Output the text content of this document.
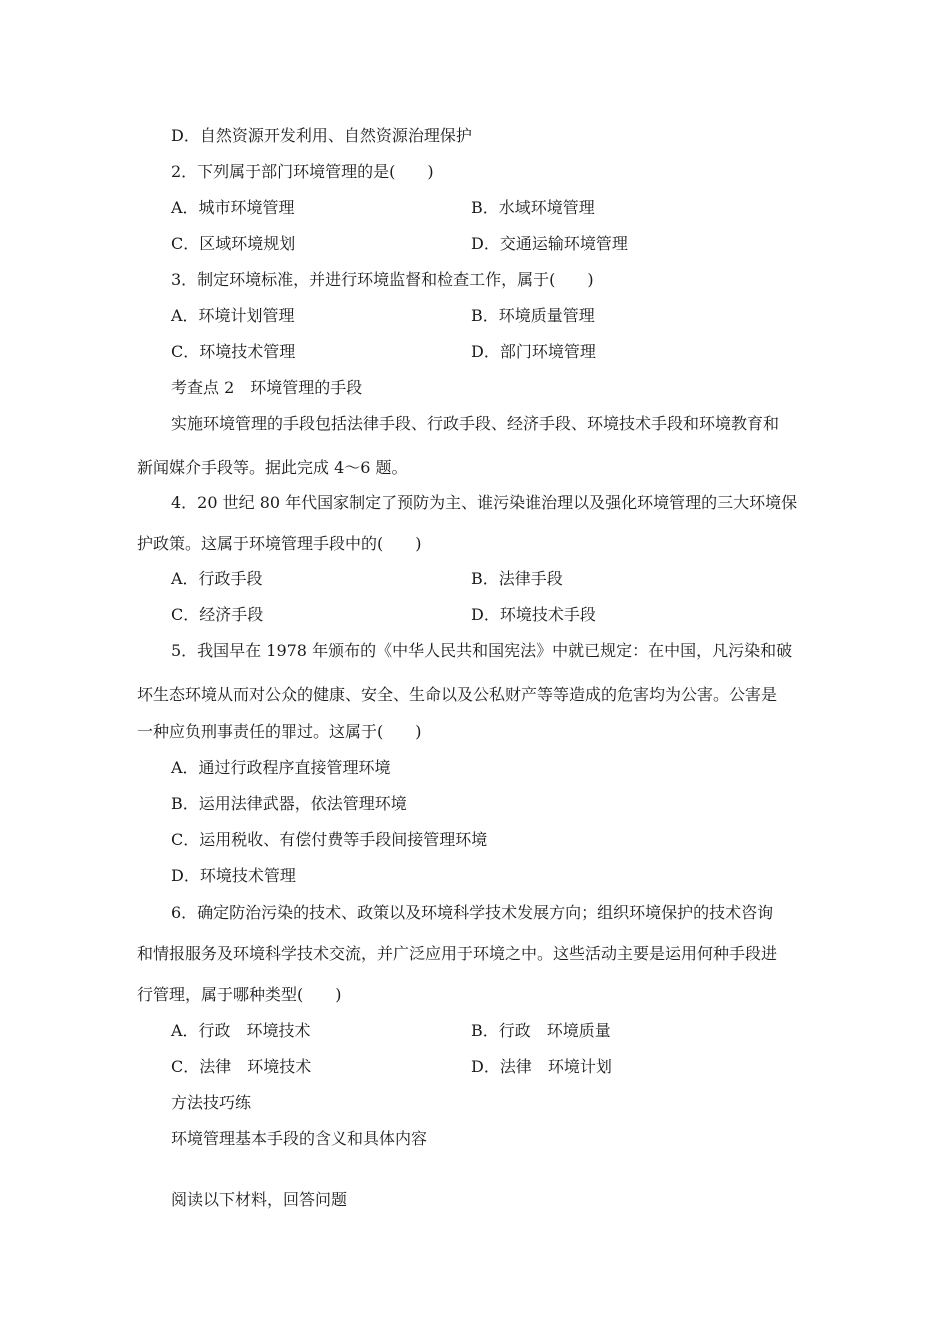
D．自然资源开发利用、自然资源治理保护
2．下列属于部门环境管理的是(　　)
A．城市环境管理	B．水域环境管理
C．区域环境规划	D．交通运输环境管理
3．制定环境标准，并进行环境监督和检查工作，属于(　　)
A．环境计划管理	B．环境质量管理
C．环境技术管理	D．部门环境管理
考查点 2　环境管理的手段
实施环境管理的手段包括法律手段、行政手段、经济手段、环境技术手段和环境教育和
新闻媒介手段等。据此完成 4～6 题。
4．20 世纪 80 年代国家制定了预防为主、谁污染谁治理以及强化环境管理的三大环境保
护政策。这属于环境管理手段中的(　　)
A．行政手段	B．法律手段
C．经济手段	D．环境技术手段
5．我国早在 1978 年颁布的《中华人民共和国宪法》中就已规定：在中国，凡污染和破
坏生态环境从而对公众的健康、安全、生命以及公私财产等等造成的危害均为公害。公害是
一种应负刑事责任的罪过。这属于(　　)
A．通过行政程序直接管理环境
B．运用法律武器，依法管理环境
C．运用税收、有偿付费等手段间接管理环境
D．环境技术管理
6．确定防治污染的技术、政策以及环境科学技术发展方向；组织环境保护的技术咨询
和情报服务及环境科学技术交流，并广泛应用于环境之中。这些活动主要是运用何种手段进
行管理，属于哪种类型(　　)
A．行政　环境技术	B．行政　环境质量
C．法律　环境技术	D．法律　环境计划
方法技巧练
环境管理基本手段的含义和具体内容
阅读以下材料，回答问题
